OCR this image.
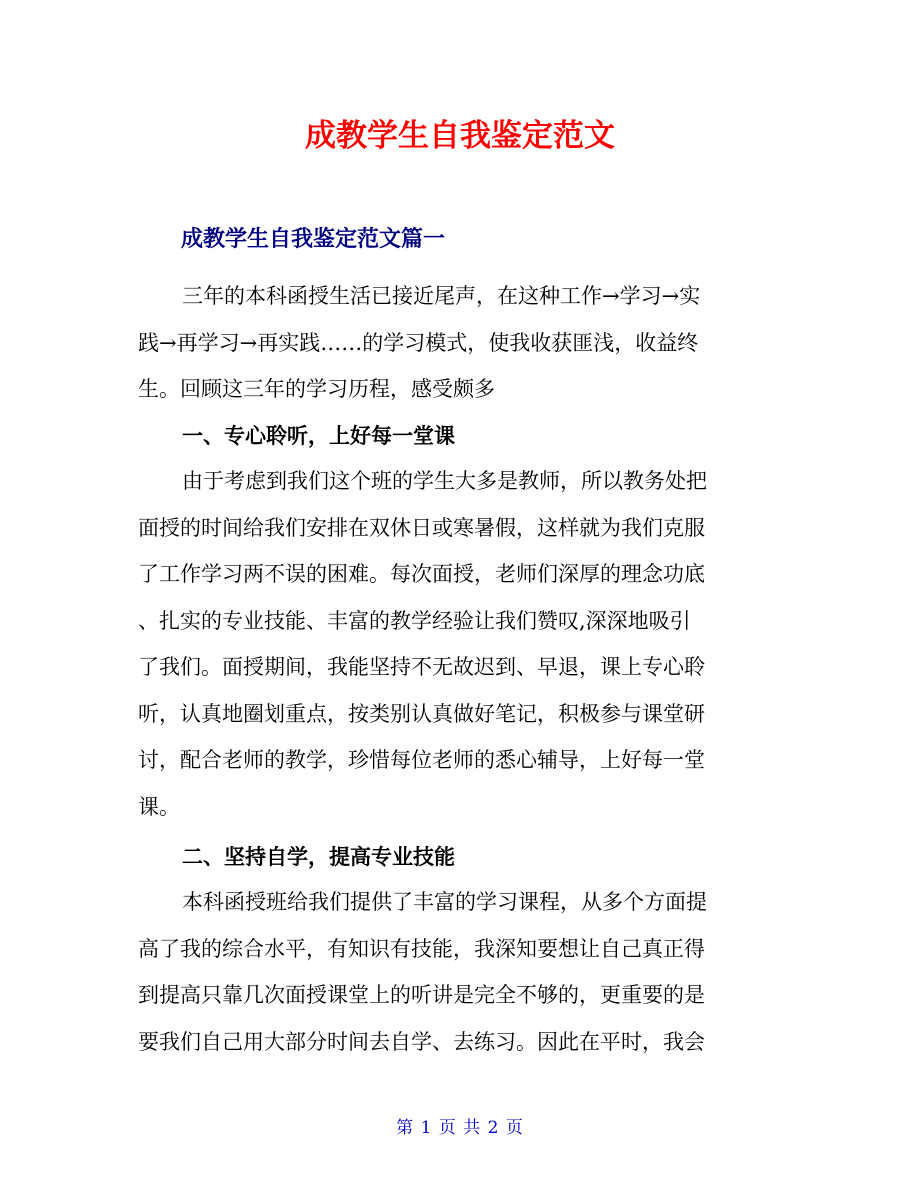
成教学生自我鉴定范文
成教学生自我鉴定范文篇一
三年的本科函授生活已接近尾声，在这种工作→学习→实
践→再学习→再实践……的学习模式，使我收获匪浅，收益终
生。回顾这三年的学习历程，感受颇多
一、专心聆听，上好每一堂课
由于考虑到我们这个班的学生大多是教师，所以教务处把
面授的时间给我们安排在双休日或寒暑假，这样就为我们克服
了工作学习两不误的困难。每次面授，老师们深厚的理念功底
、扎实的专业技能、丰富的教学经验让我们赞叹,深深地吸引
了我们。面授期间，我能坚持不无故迟到、早退，课上专心聆
听，认真地圈划重点，按类别认真做好笔记，积极参与课堂研
讨，配合老师的教学，珍惜每位老师的悉心辅导，上好每一堂
课。
二、坚持自学，提高专业技能
本科函授班给我们提供了丰富的学习课程，从多个方面提
高了我的综合水平，有知识有技能，我深知要想让自己真正得
到提高只靠几次面授课堂上的听讲是完全不够的，更重要的是
要我们自己用大部分时间去自学、去练习。因此在平时，我会
第 1 页 共 2 页
